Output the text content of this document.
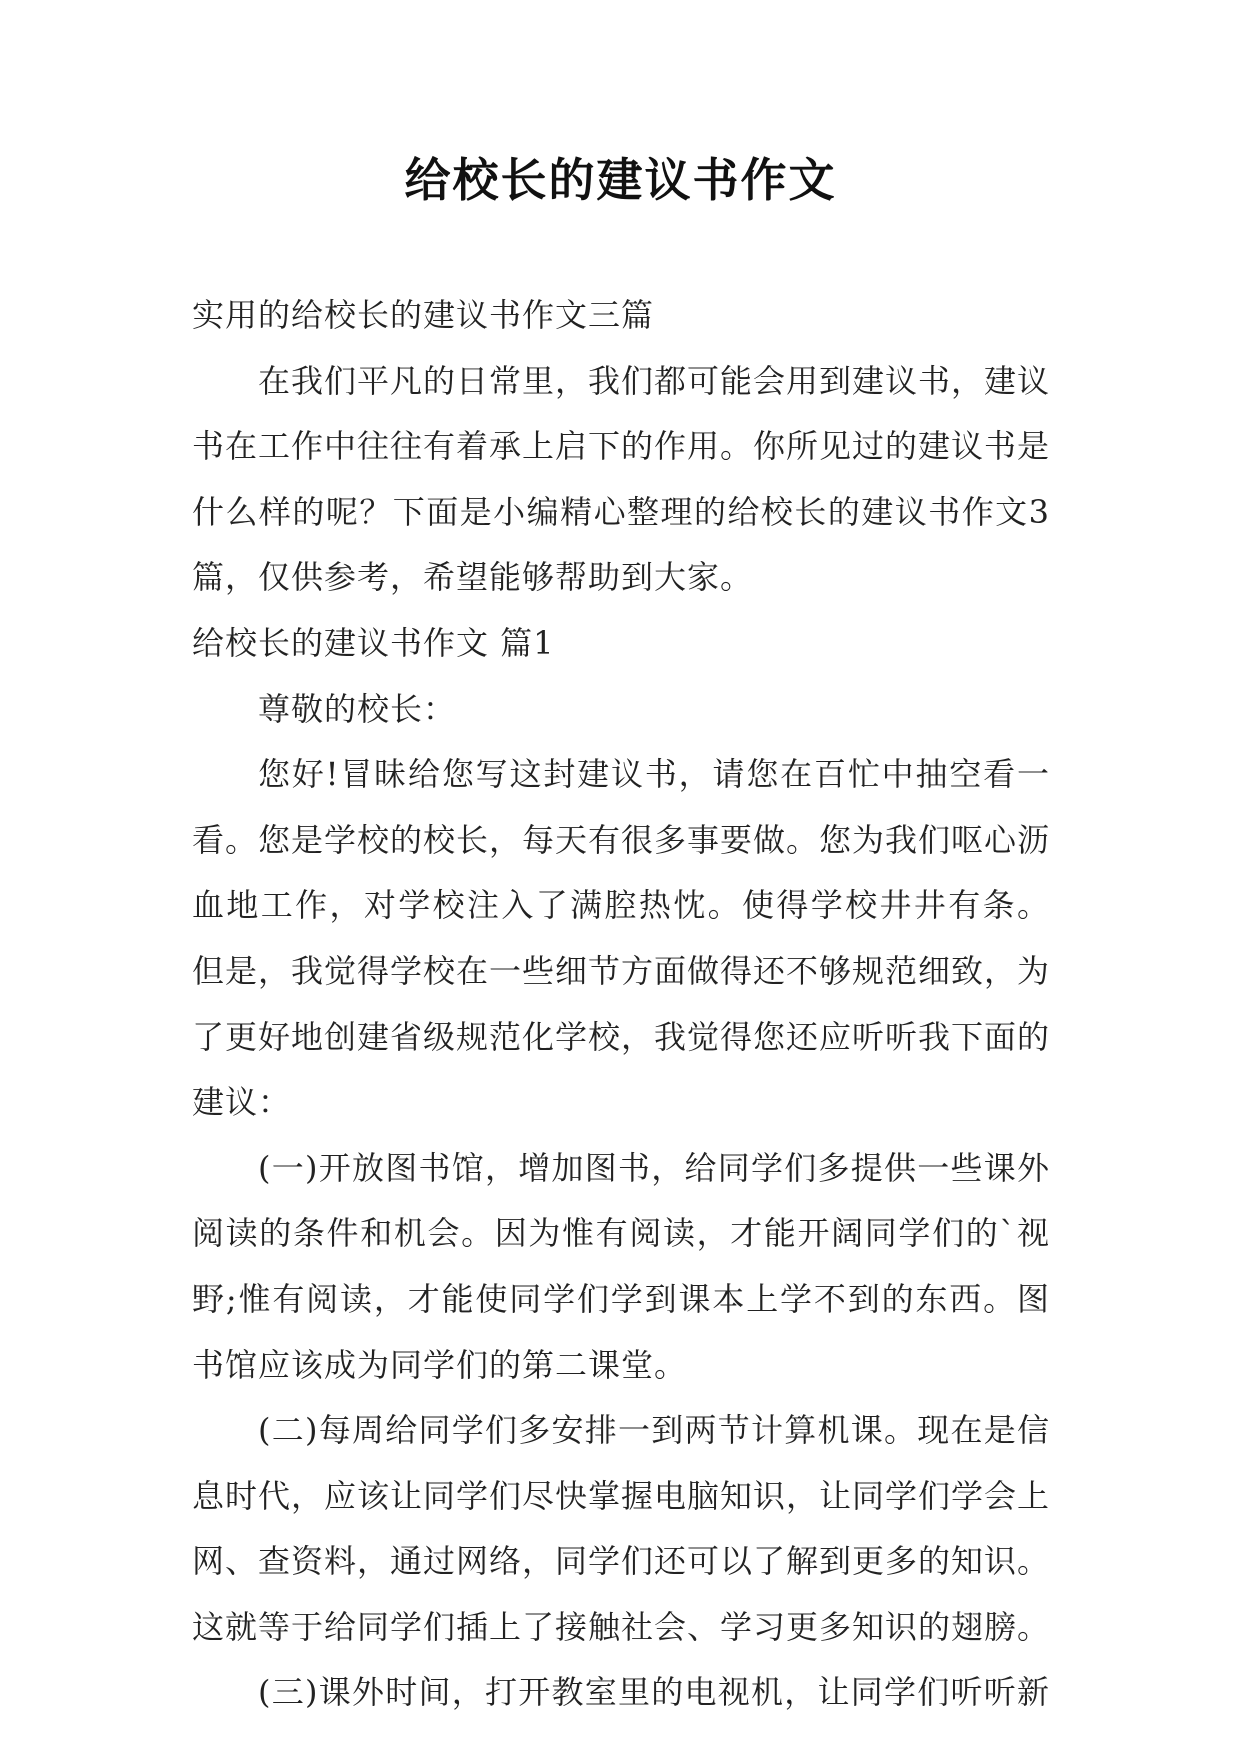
给校长的建议书作文
实用的给校长的建议书作文三篇
在我们平凡的日常里，我们都可能会用到建议书，建议
书在工作中往往有着承上启下的作用。你所见过的建议书是
什么样的呢？下面是小编精心整理的给校长的建议书作文3
篇，仅供参考，希望能够帮助到大家。
给校长的建议书作文 篇1
尊敬的校长：
您好!冒昧给您写这封建议书，请您在百忙中抽空看一
看。您是学校的校长，每天有很多事要做。您为我们呕心沥
血地工作，对学校注入了满腔热忱。使得学校井井有条。
但是，我觉得学校在一些细节方面做得还不够规范细致，为
了更好地创建省级规范化学校，我觉得您还应听听我下面的
建议：
(一)开放图书馆，增加图书，给同学们多提供一些课外
阅读的条件和机会。因为惟有阅读，才能开阔同学们的`视
野;惟有阅读，才能使同学们学到课本上学不到的东西。图
书馆应该成为同学们的第二课堂。
(二)每周给同学们多安排一到两节计算机课。现在是信
息时代，应该让同学们尽快掌握电脑知识，让同学们学会上
网、查资料，通过网络，同学们还可以了解到更多的知识。
这就等于给同学们插上了接触社会、学习更多知识的翅膀。
(三)课外时间，打开教室里的电视机，让同学们听听新
